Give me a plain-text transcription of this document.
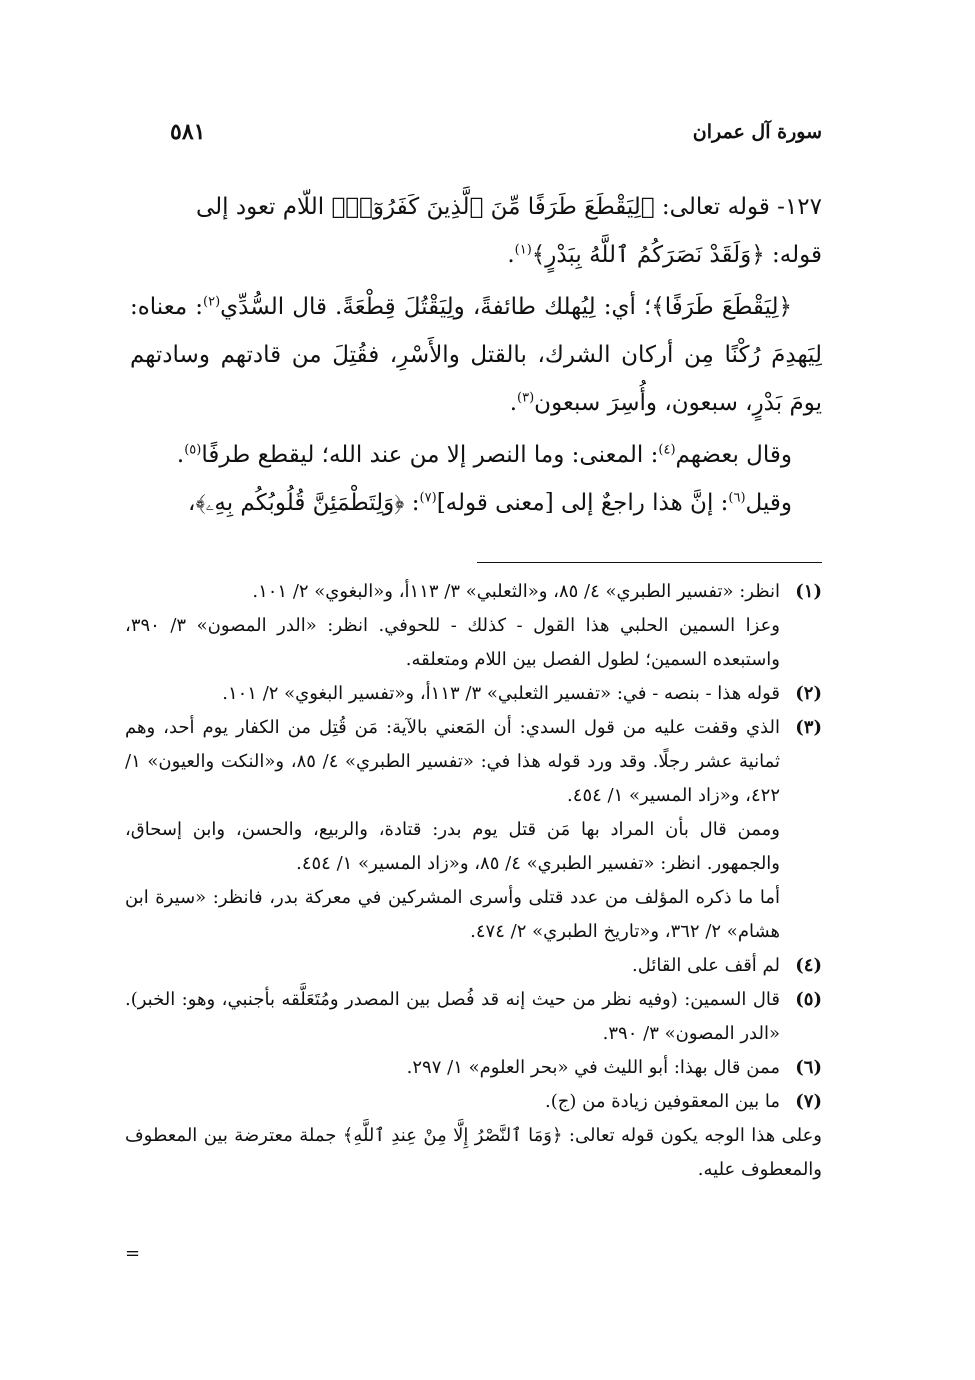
سورة آل عمران
٥٨١

١٢٧- قوله تعالى: ﴿لِيَقْطَعَ طَرَفًا مِّنَ ٱلَّذِينَ كَفَرُوٓا۟﴾ اللّام تعود إلى
قوله: ﴿وَلَقَدْ نَصَرَكُمُ ٱللَّهُ بِبَدْرٍ﴾$^{(١)}$.

﴿لِيَقْطَعَ طَرَفًا﴾؛ أي: لِيُهلك طائفةً، ولِيَقْتُلَ قِطْعَةً. قال السُّدِّي$^{(٢)}$: معناه: لِيَهدِمَ رُكْنًا مِن أركان الشرك، بالقتل والأَسْرِ، فقُتِلَ من قادتهم وسادتهم يومَ بَدْرٍ، سبعون، وأُسِرَ سبعون$^{(٣)}$.

وقال بعضهم$^{(٤)}$: المعنى: وما النصر إلا من عند الله؛ ليقطع طرفًا$^{(٥)}$.

وقيل$^{(٦)}$: إنَّ هذا راجعٌ إلى [معنى قوله]$^{(٧)}$: ﴿وَلِتَطْمَئِنَّ قُلُوبُكُم بِهِۦ﴾،

(١)

انظر: «تفسير الطبري» ٤/ ٨٥، و«الثعلبي» ٣/ ١١٣أ، و«البغوي» ٢/ ١٠١.

وعزا السمين الحلبي هذا القول - كذلك - للحوفي. انظر: «الدر المصون» ٣/ ٣٩٠، واستبعده السمين؛ لطول الفصل بين اللام ومتعلقه.

(٢)

قوله هذا - بنصه - في: «تفسير الثعلبي» ٣/ ١١٣أ، و«تفسير البغوي» ٢/ ١٠١.

(٣)

الذي وقفت عليه من قول السدي: أن المَعني بالآية: مَن قُتِل من الكفار يوم أحد، وهم ثمانية عشر رجلًا. وقد ورد قوله هذا في: «تفسير الطبري» ٤/ ٨٥، و«النكت والعيون» ١/ ٤٢٢، و«زاد المسير» ١/ ٤٥٤.

وممن قال بأن المراد بها مَن قتل يوم بدر: قتادة، والربيع، والحسن، وابن إسحاق، والجمهور. انظر: «تفسير الطبري» ٤/ ٨٥، و«زاد المسير» ١/ ٤٥٤.

أما ما ذكره المؤلف من عدد قتلى وأسرى المشركين في معركة بدر، فانظر: «سيرة ابن هشام» ٢/ ٣٦٢، و«تاريخ الطبري» ٢/ ٤٧٤.

(٤)

لم أقف على القائل.

(٥)

قال السمين: (وفيه نظر من حيث إنه قد فُصل بين المصدر ومُتَعَلَّقه بأجنبي، وهو: الخبر). «الدر المصون» ٣/ ٣٩٠.

(٦)

ممن قال بهذا: أبو الليث في «بحر العلوم» ١/ ٢٩٧.

(٧)

ما بين المعقوفين زيادة من (ج).

وعلى هذا الوجه يكون قوله تعالى: ﴿وَمَا ٱلنَّصْرُ إِلَّا مِنْ عِندِ ٱللَّهِ﴾ جملة معترضة بين المعطوف والمعطوف عليه.

=
